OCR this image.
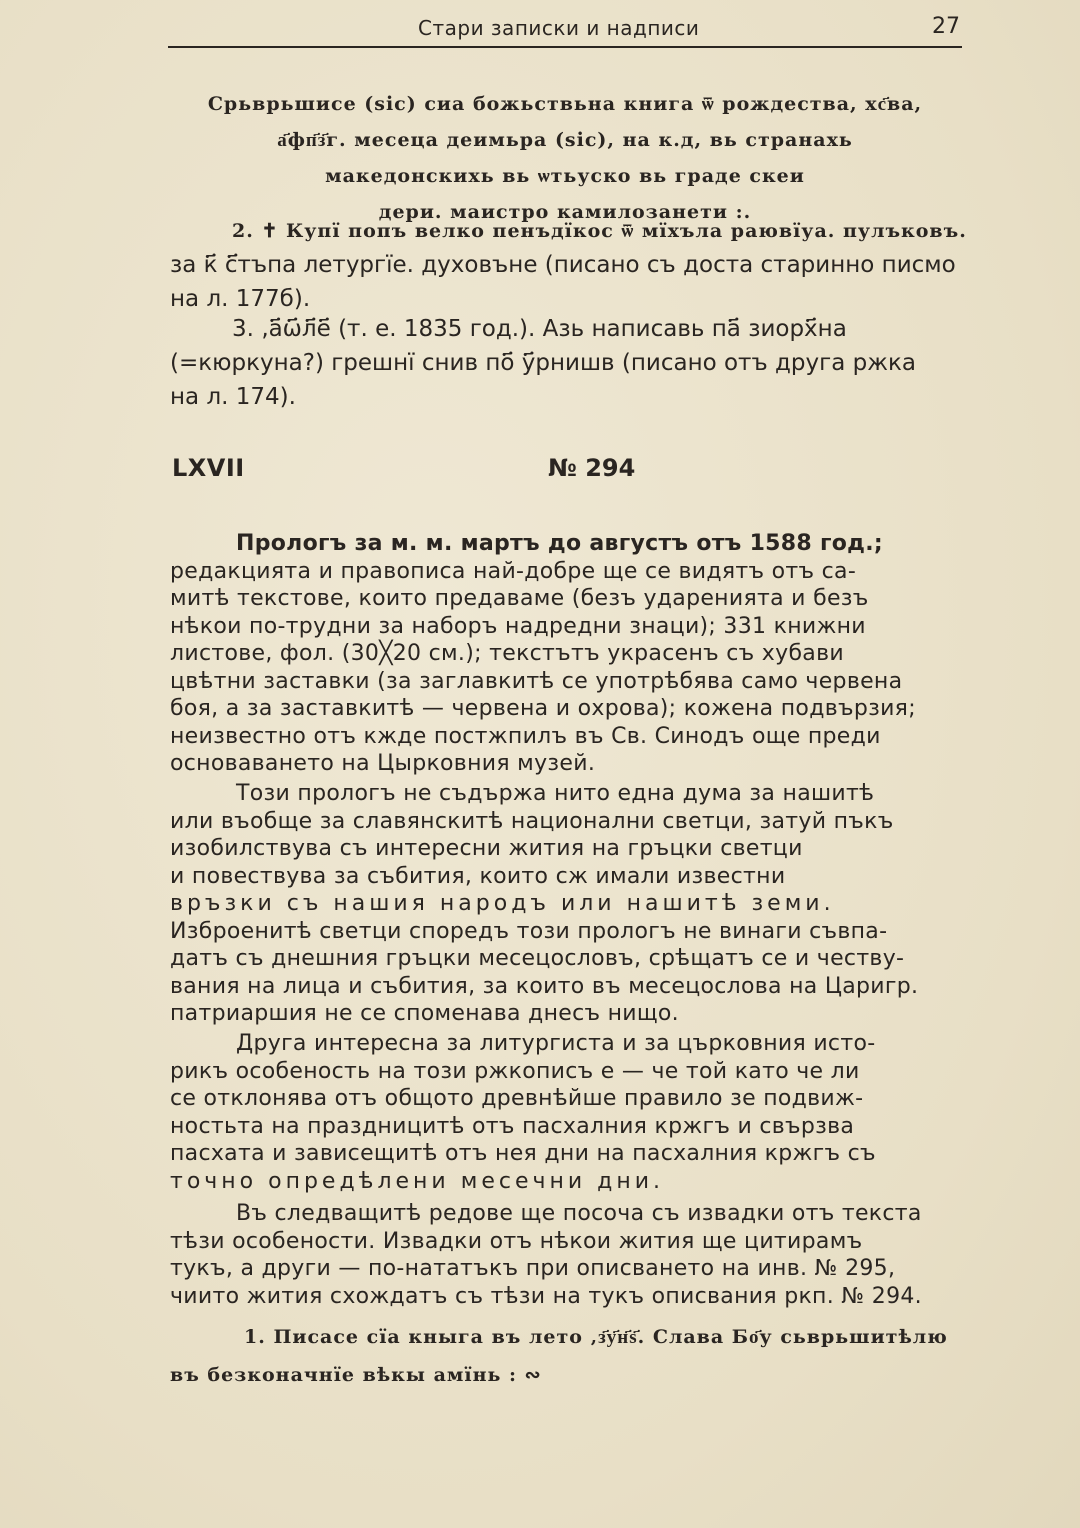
Стари записки и надписи	27
Срьврьшисе (sic) сиа божьствьна книга ѿ рождества, хс҃ва,
а҃фп҃з҃г. месеца деимьра (sic), на к.д, вь странахь
македонскихь вь ѡтьуско вь граде скеи
дери. маистро камилозанети :.
2. ✝ Купї попъ велко пенъдїкос ѿ мїхъла раювїуа. пулъковъ.
за к҃ с҃тъпа летургїе. духовъне (писано съ доста старинно писмо
на л. 177б).
3. ‚а҃ѡ҃л҃е҃ (т. е. 1835 год.). Азь написавь па҃ зиорх҃на
(=кюркуна?) грешнї снив по҃ у҃рнишв (писано отъ друга ржка
на л. 174).
LXVII	№ 294
Прологъ за м. м. мартъ до августъ отъ 1588 год.;
редакцията и правописа най-добре ще се видятъ отъ са-
митѣ текстове, които предаваме (безъ ударенията и безъ
нѣкои по-трудни за наборъ надредни знаци); 331 книжни
листове, фол. (30╳20 см.); текстътъ украсенъ съ хубави
цвѣтни заставки (за заглавкитѣ се употрѣбява само червена
боя, а за заставкитѣ — червена и охрова); кожена подвързия;
неизвестно отъ кжде постжпилъ въ Св. Синодъ още преди
основаването на Цырковния музей.
Този прологъ не съдържа нито една дума за нашитѣ
или въобще за славянскитѣ национални светци, затуй пъкъ
изобилствува съ интересни жития на гръцки светци
и повествува за събития, които сж имали известни
връзки съ нашия народъ или нашитѣ земи.
Изброенитѣ светци споредъ този прологъ не винаги съвпа-
датъ съ днешния гръцки месецословъ, срѣщатъ се и честву-
вания на лица и събития, за които въ месецослова на Царигр.
патриаршия не се споменава днесъ нищо.
Друга интересна за литургиста и за църковния исто-
рикъ особеность на този ржкописъ е — че той като че ли
се отклонява отъ общото древнѣйше правило зе подвиж-
ностьта на праздницитѣ отъ пасхалния кржгъ и свързва
пасхата и зависещитѣ отъ нея дни на пасхалния кржгъ съ
точно опредѣлени месечни дни.
Въ следващитѣ редове ще посоча съ извадки отъ текста
тѣзи особености. Извадки отъ нѣкои жития ще цитирамъ
тукъ, а други — по-нататъкъ при описването на инв. № 295,
чиито жития схождатъ съ тѣзи на тукъ описвания ркп. № 294.
1. Писасе сїа кныга въ лето ‚з҃у҃н҃ѕ҃. Слава Бо҃у сьврьшитѣлю
въ безконачнїе вѣкы амїнь : ∾
